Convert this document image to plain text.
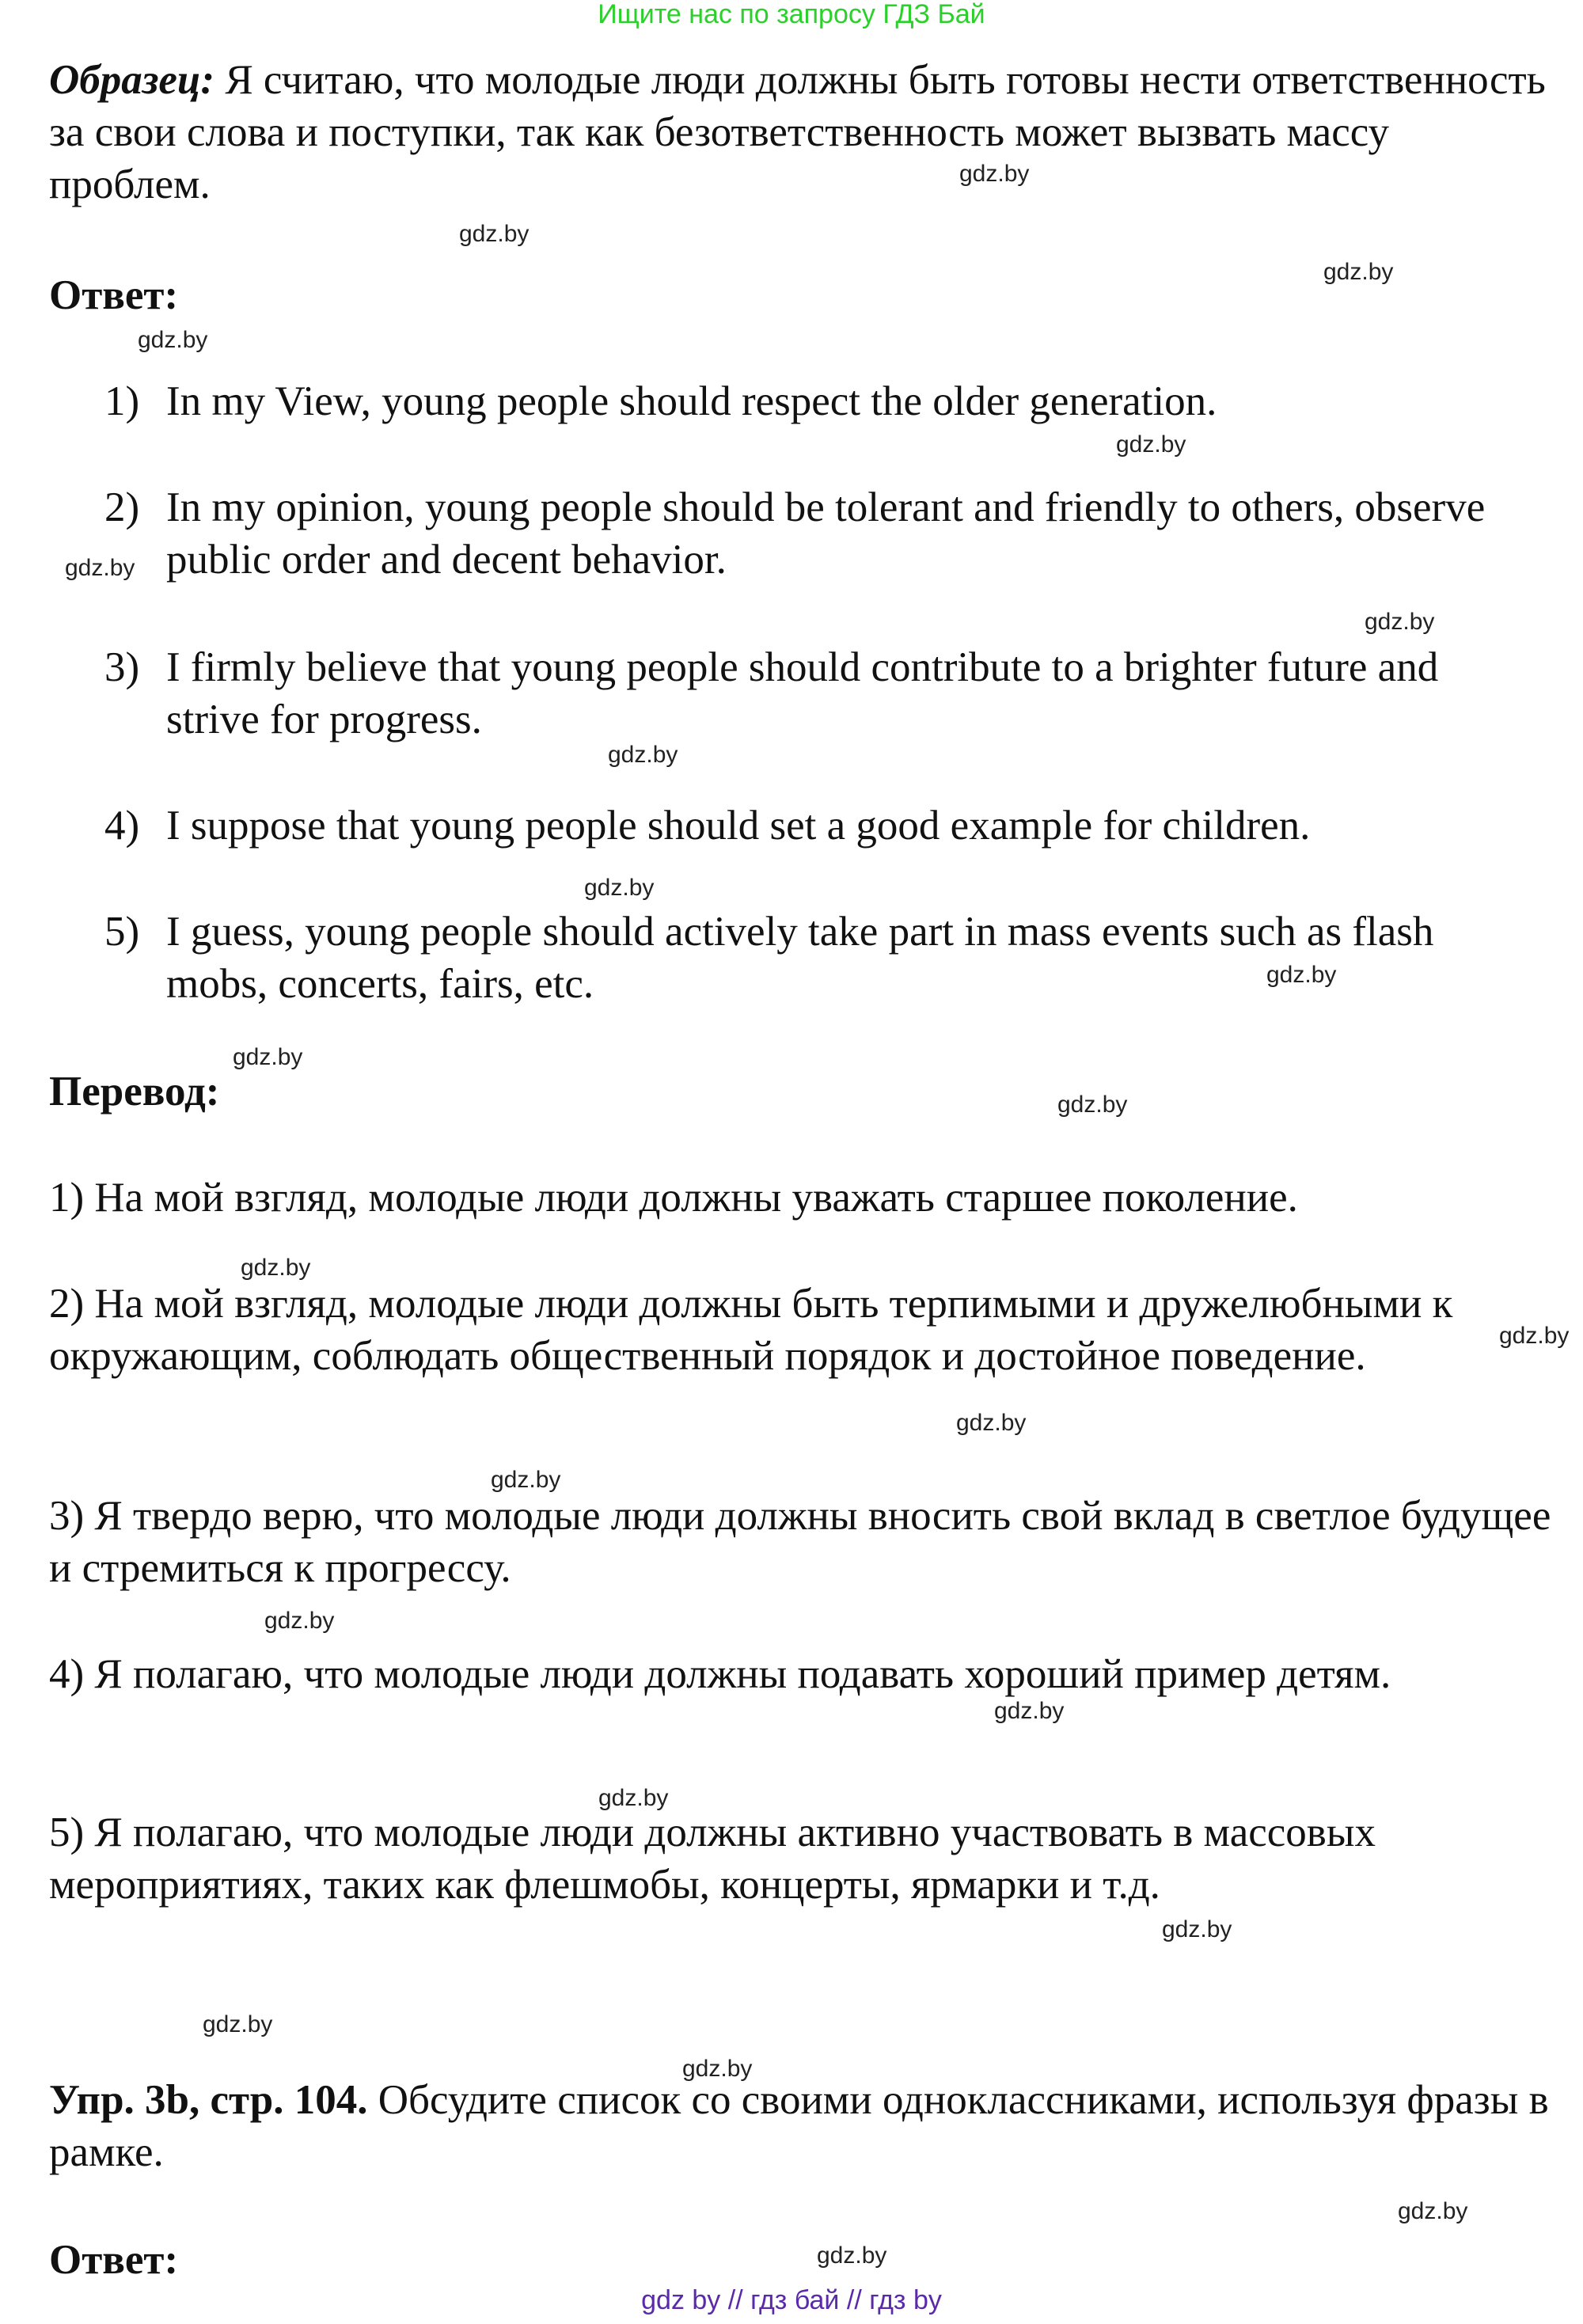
Ищите нас по запросу ГДЗ Бай

Образец: Я считаю, что молодые люди должны быть готовы нести ответственность за свои слова и поступки, так как безответственность может вызвать массу проблем.

Ответ:
1) In my View, young people should respect the older generation.
2) In my opinion, young people should be tolerant and friendly to others, observe public order and decent behavior.
3) I firmly believe that young people should contribute to a brighter future and strive for progress.
4) I suppose that young people should set a good example for children.
5) I guess, young people should actively take part in mass events such as flash mobs, concerts, fairs, etc.
Перевод:

1) На мой взгляд, молодые люди должны уважать старшее поколение.

2) На мой взгляд, молодые люди должны быть терпимыми и дружелюбными к окружающим, соблюдать общественный порядок и достойное поведение.

3) Я твердо верю, что молодые люди должны вносить свой вклад в светлое будущее и стремиться к прогрессу.

4) Я полагаю, что молодые люди должны подавать хороший пример детям.

5) Я полагаю, что молодые люди должны активно участвовать в массовых мероприятиях, таких как флешмобы, концерты, ярмарки и т.д.

Упр. 3b, стр. 104. Обсудите список со своими одноклассниками, используя фразы в рамке.

Ответ:
gdz.by
gdz.by
gdz.by
gdz.by
gdz.by
gdz.by
gdz.by
gdz.by
gdz.by
gdz.by
gdz.by
gdz.by
gdz.by
gdz.by
gdz.by
gdz.by
gdz.by
gdz.by
gdz.by
gdz.by
gdz.by
gdz.by
gdz.by
gdz.by
gdz by // гдз бай // гдз by
